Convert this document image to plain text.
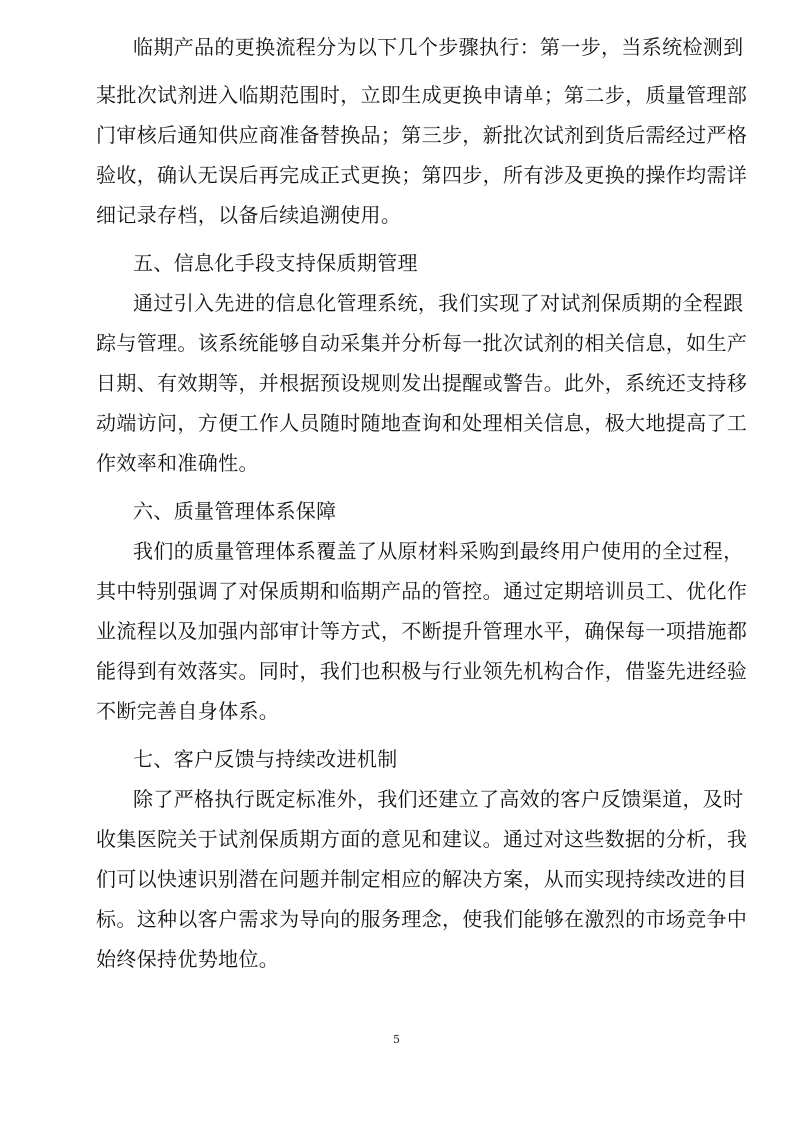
临期产品的更换流程分为以下几个步骤执行：第一步，当系统检测到
某批次试剂进入临期范围时，立即生成更换申请单；第二步，质量管理部
门审核后通知供应商准备替换品；第三步，新批次试剂到货后需经过严格
验收，确认无误后再完成正式更换；第四步，所有涉及更换的操作均需详
细记录存档，以备后续追溯使用。
五、信息化手段支持保质期管理
通过引入先进的信息化管理系统，我们实现了对试剂保质期的全程跟
踪与管理。该系统能够自动采集并分析每一批次试剂的相关信息，如生产
日期、有效期等，并根据预设规则发出提醒或警告。此外，系统还支持移
动端访问，方便工作人员随时随地查询和处理相关信息，极大地提高了工
作效率和准确性。
六、质量管理体系保障
我们的质量管理体系覆盖了从原材料采购到最终用户使用的全过程，
其中特别强调了对保质期和临期产品的管控。通过定期培训员工、优化作
业流程以及加强内部审计等方式，不断提升管理水平，确保每一项措施都
能得到有效落实。同时，我们也积极与行业领先机构合作，借鉴先进经验
不断完善自身体系。
七、客户反馈与持续改进机制
除了严格执行既定标准外，我们还建立了高效的客户反馈渠道，及时
收集医院关于试剂保质期方面的意见和建议。通过对这些数据的分析，我
们可以快速识别潜在问题并制定相应的解决方案，从而实现持续改进的目
标。这种以客户需求为导向的服务理念，使我们能够在激烈的市场竞争中
始终保持优势地位。
5
